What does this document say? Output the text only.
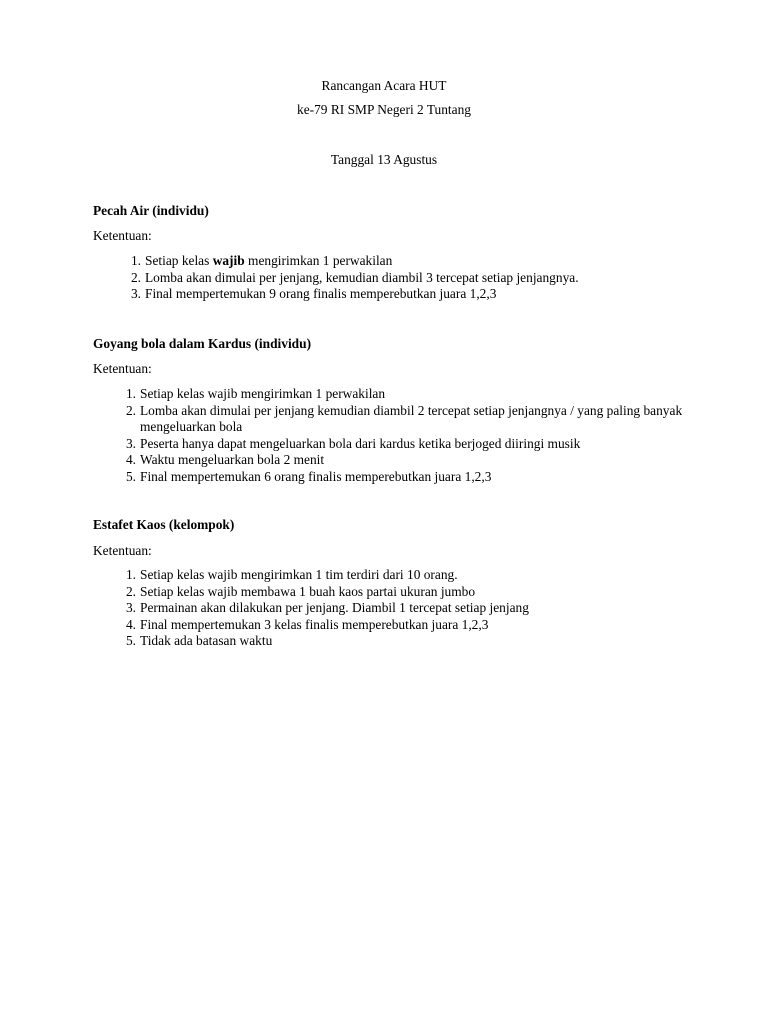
Rancangan Acara HUT
ke-79 RI SMP Negeri 2 Tuntang
Tanggal 13 Agustus
Pecah Air (individu)
Ketentuan:
1. Setiap kelas wajib mengirimkan 1 perwakilan
2. Lomba akan dimulai per jenjang, kemudian diambil 3 tercepat setiap jenjangnya.
3. Final mempertemukan 9 orang finalis memperebutkan juara 1,2,3
Goyang bola dalam Kardus (individu)
Ketentuan:
1. Setiap kelas wajib mengirimkan 1 perwakilan
2. Lomba akan dimulai per jenjang kemudian diambil 2 tercepat setiap jenjangnya / yang paling banyak mengeluarkan bola
3. Peserta hanya dapat mengeluarkan bola dari kardus ketika berjoged diiringi musik
4. Waktu mengeluarkan bola 2 menit
5. Final mempertemukan 6 orang finalis memperebutkan juara 1,2,3
Estafet Kaos (kelompok)
Ketentuan:
1. Setiap kelas wajib mengirimkan 1 tim terdiri dari 10 orang.
2. Setiap kelas wajib membawa 1 buah kaos partai ukuran jumbo
3. Permainan akan dilakukan per jenjang. Diambil 1 tercepat setiap jenjang
4. Final mempertemukan 3 kelas finalis memperebutkan juara 1,2,3
5. Tidak ada batasan waktu
